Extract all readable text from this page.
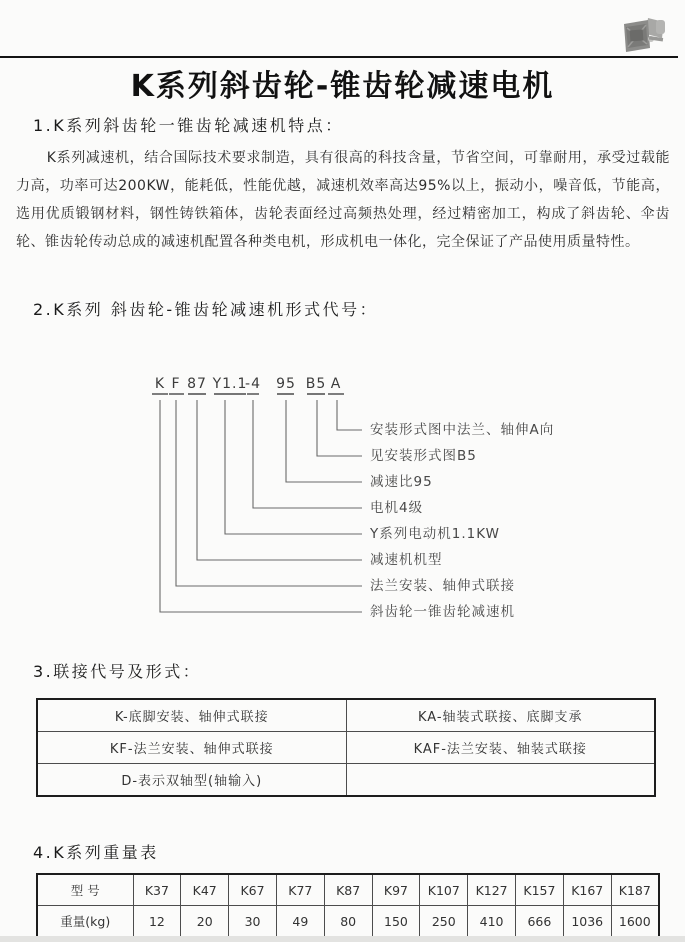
K系列斜齿轮-锥齿轮减速电机
1.K系列斜齿轮一锥齿轮减速机特点：

K系列减速机，结合国际技术要求制造，具有很高的科技含量，节省空间，可靠耐用，承受过载能力高，功率可达200KW，能耗低，性能优越，减速机效率高达95%以上，振动小，噪音低，节能高，选用优质锻钢材料，钢性铸铁箱体，齿轮表面经过高频热处理，经过精密加工，构成了斜齿轮、伞齿轮、锥齿轮传动总成的减速机配置各种类电机，形成机电一体化，完全保证了产品使用质量特性。

2.K系列 斜齿轮-锥齿轮减速机形式代号：
K F 87 Y1.1
-4 95 B5 A
安装形式图中法兰、轴伸A向
见安装形式图B5
减速比95
电机4级
Y系列电动机1.1KW
减速机机型
法兰安装、轴伸式联接
斜齿轮一锥齿轮减速机
3.联接代号及形式：
K-底脚安装、轴伸式联接	KA-轴装式联接、底脚支承
KF-法兰安装、轴伸式联接	KAF-法兰安装、轴装式联接
D-表示双轴型(轴输入)	
4.K系列重量表
型 号	K37	K47	K67	K77	K87	K97	K107	K127	K157	K167	K187
重量(kg)	12	20	30	49	80	150	250	410	666	1036	1600
